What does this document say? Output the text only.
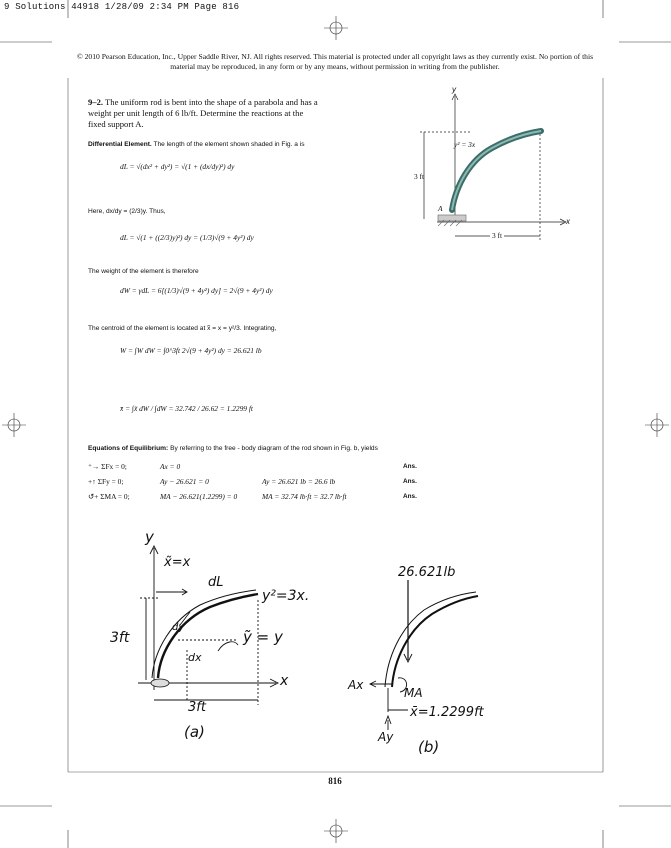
9 Solutions 44918 1/28/09 2:34 PM Page 816
© 2010 Pearson Education, Inc., Upper Saddle River, NJ. All rights reserved. This material is protected under all copyright laws as they currently exist. No portion of this material may be reproduced, in any form or by any means, without permission in writing from the publisher.
9–2. The uniform rod is bent into the shape of a parabola and has a weight per unit length of 6 lb/ft. Determine the reactions at the fixed support A.
y
x
y² = 3x
3 ft
3 ft
A
Differential Element. The length of the element shown shaded in Fig. a is
dL = √(dx² + dy²) = √(1 + (dx/dy)²) dy
Here, dx/dy = (2/3)y. Thus,
dL = √(1 + ((2/3)y)²) dy = (1/3)√(9 + 4y²) dy
The weight of the element is therefore
dW = γdL = 6[(1/3)√(9 + 4y²) dy] = 2√(9 + 4y²) dy
The centroid of the element is located at x̃ = x = y²/3. Integrating,
W = ∫W dW = ∫0^3ft 2√(9 + 4y²) dy = 26.621 lb
x̄ = ∫x̃ dW / ∫dW = 32.742 / 26.62 = 1.2299 ft
Equations of Equilibrium: By referring to the free - body diagram of the rod shown in Fig. b, yields
⁺→ ΣFx = 0;	Ax = 0	Ans.
+↑ ΣFy = 0;	Ay − 26.621 = 0	Ay = 26.621 lb = 26.6 lb	Ans.
↺+ ΣMA = 0;	MA − 26.621(1.2299) = 0	MA = 32.74 lb·ft = 32.7 lb·ft	Ans.
y
x
x̃=x
dL
y²=3x.
dy
dx
ỹ = y
3ft
3ft
(a)
26.621lb
Ax
MA
Ay
x̄=1.2299ft
(b)
816
